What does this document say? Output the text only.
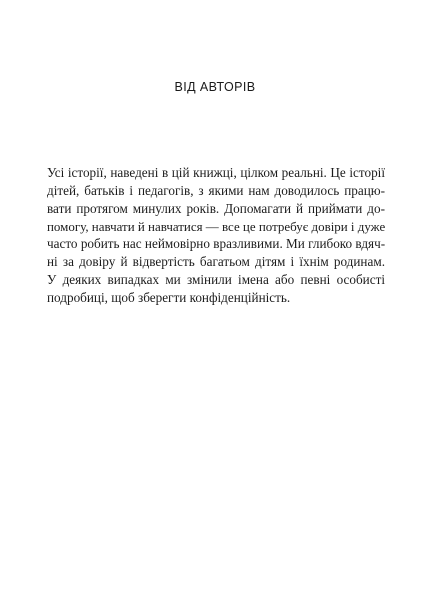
ВІД АВТОРІВ
Усі історії, наведені в цій книжці, цілком реальні. Це історії
дітей, батьків і педагогів, з якими нам доводилось працю-
вати протягом минулих років. Допомагати й приймати до-
помогу, навчати й навчатися — все це потребує довіри і дуже
часто робить нас неймовірно вразливими. Ми глибоко вдяч-
ні за довіру й відвертість багатьом дітям і їхнім родинам.
У деяких випадках ми змінили імена або певні особисті
подробиці, щоб зберегти конфіденційність.
